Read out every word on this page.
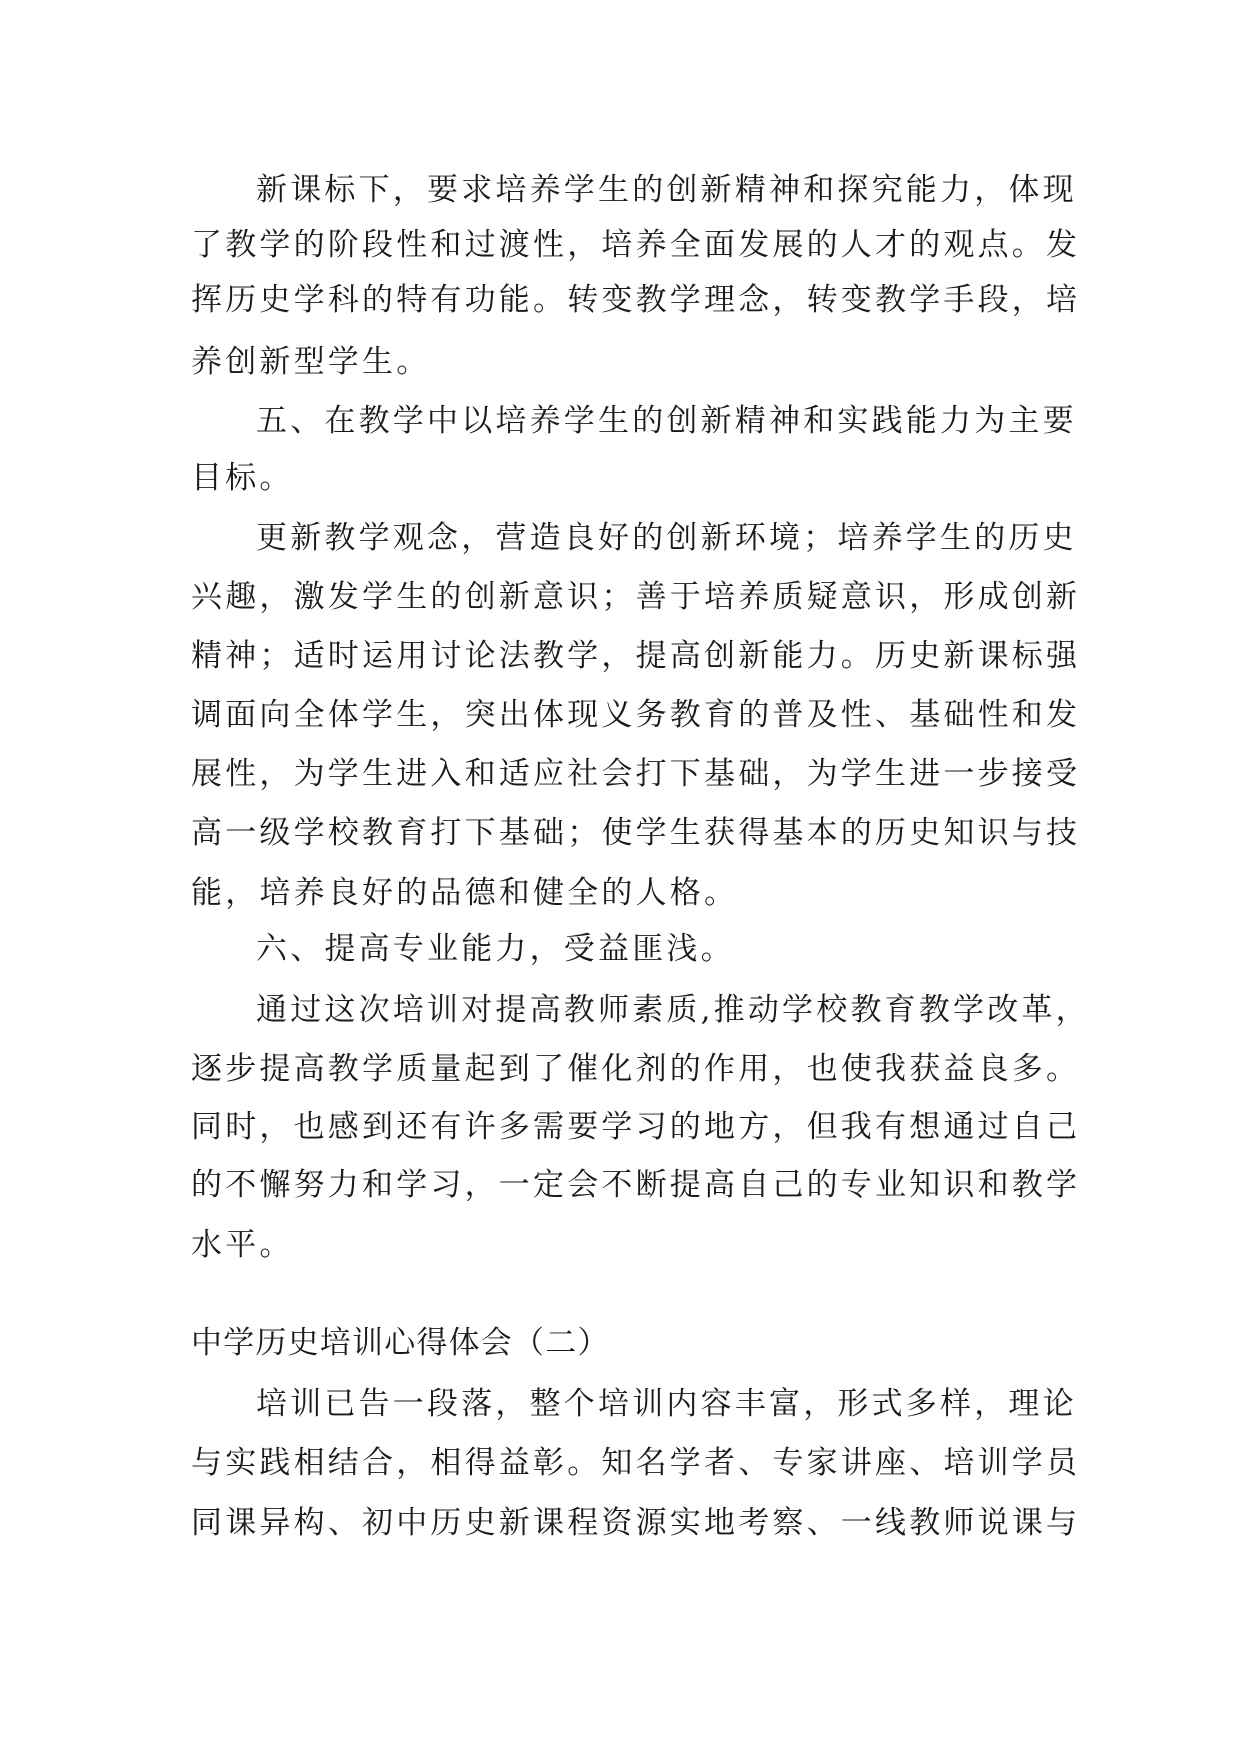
新课标下，要求培养学生的创新精神和探究能力，体现
了教学的阶段性和过渡性，培养全面发展的人才的观点。发
挥历史学科的特有功能。转变教学理念，转变教学手段，培
养创新型学生。
五、在教学中以培养学生的创新精神和实践能力为主要
目标。
更新教学观念，营造良好的创新环境；培养学生的历史
兴趣，激发学生的创新意识；善于培养质疑意识，形成创新
精神；适时运用讨论法教学，提高创新能力。历史新课标强
调面向全体学生，突出体现义务教育的普及性、基础性和发
展性，为学生进入和适应社会打下基础，为学生进一步接受
高一级学校教育打下基础；使学生获得基本的历史知识与技
能，培养良好的品德和健全的人格。
六、提高专业能力，受益匪浅。
通过这次培训对提高教师素质,推动学校教育教学改革，
逐步提高教学质量起到了催化剂的作用，也使我获益良多。
同时，也感到还有许多需要学习的地方，但我有想通过自己
的不懈努力和学习，一定会不断提高自己的专业知识和教学
水平。
中学历史培训心得体会（二）
培训已告一段落，整个培训内容丰富，形式多样，理论
与实践相结合，相得益彰。知名学者、专家讲座、培训学员
同课异构、初中历史新课程资源实地考察、一线教师说课与
